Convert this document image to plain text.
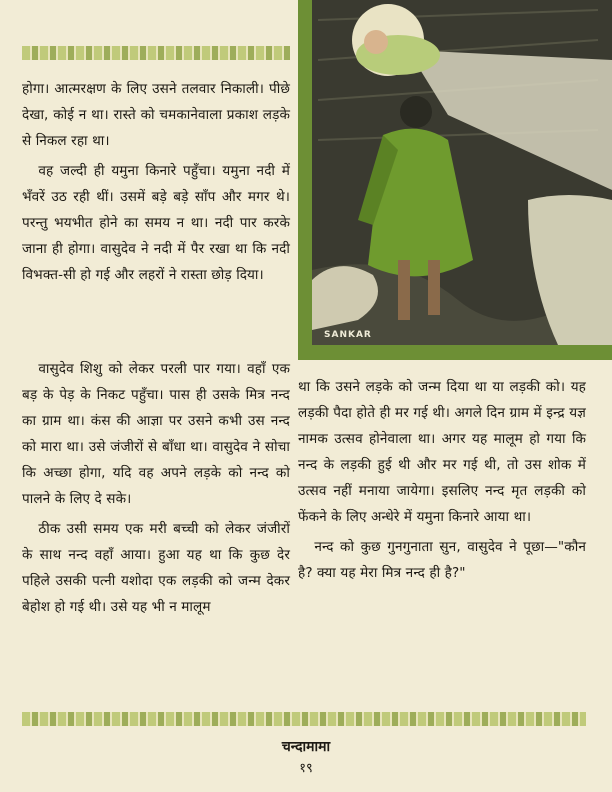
होगा। आत्मरक्षण के लिए उसने तलवार निकाली। पीछे देखा, कोई न था। रास्ते को चमकानेवाला प्रकाश लड़के से निकल रहा था।

वह जल्दी ही यमुना किनारे पहुँचा। यमुना नदी में भँवरें उठ रही थीं। उसमें बड़े बड़े साँप और मगर थे। परन्तु भयभीत होने का समय न था। नदी पार करके जाना ही होगा। वासुदेव ने नदी में पैर रखा था कि नदी विभक्त-सी हो गई और लहरों ने रास्ता छोड़ दिया।

वासुदेव शिशु को लेकर परली पार गया। वहाँ एक बड़ के पेड़ के निकट पहुँचा। पास ही उसके मित्र नन्द का ग्राम था। कंस की आज्ञा पर उसने कभी उस नन्द को मारा था। उसे जंजीरों से बाँधा था। वासुदेव ने सोचा कि अच्छा होगा, यदि वह अपने लड़के को नन्द को पालने के लिए दे सके।

ठीक उसी समय एक मरी बच्ची को लेकर जंजीरों के साथ नन्द वहाँ आया। हुआ यह था कि कुछ देर पहिले उसकी पत्नी यशोदा एक लड़की को जन्म देकर बेहोश हो गई थी। उसे यह भी न मालूम

SANKAR

था कि उसने लड़के को जन्म दिया था या लड़की को। यह लड़की पैदा होते ही मर गई थी। अगले दिन ग्राम में इन्द्र यज्ञ नामक उत्सव होनेवाला था। अगर यह मालूम हो गया कि नन्द के लड़की हुई थी और मर गई थी, तो उस शोक में उत्सव नहीं मनाया जायेगा। इसलिए नन्द मृत लड़की को फेंकने के लिए अन्धेरे में यमुना किनारे आया था।

नन्द को कुछ गुनगुनाता सुन, वासुदेव ने पूछा—"कौन है? क्या यह मेरा मित्र नन्द ही है?"

चन्दामामा
१९
